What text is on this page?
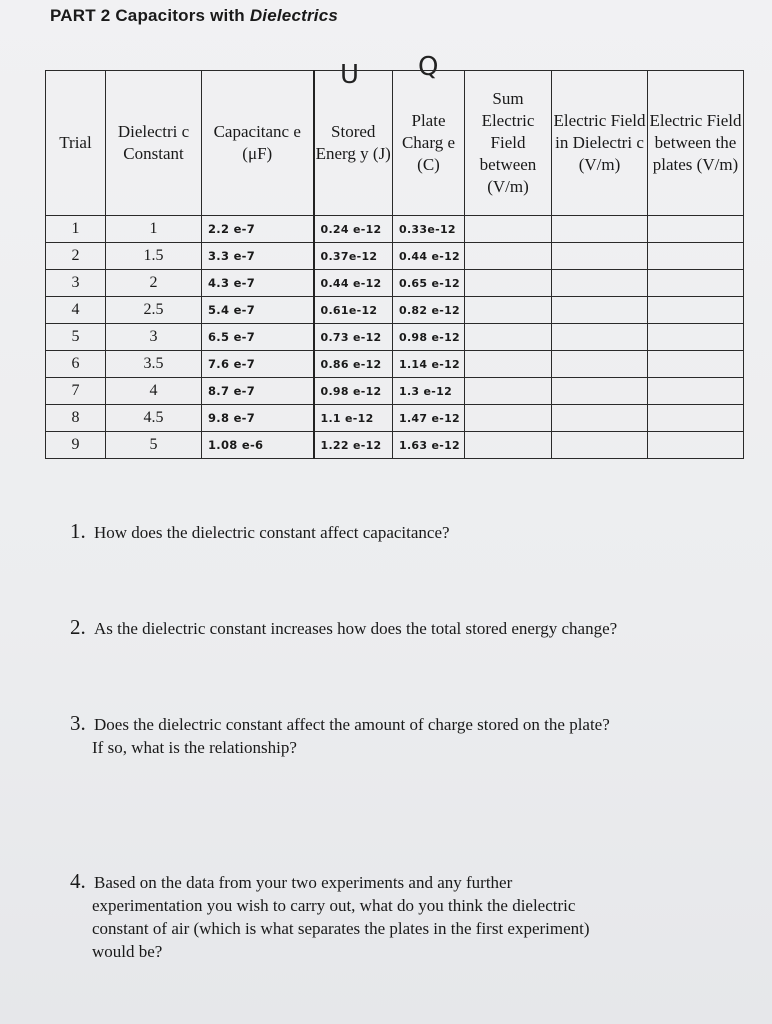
PART 2 Capacitors with Dielectrics
U Q
Trial	Dielectri c Constant	Capacitanc e (μF)	Stored Energ y (J)	Plate Charg e (C)	Sum Electric Field between (V/m)	Electric Field in Dielectri c (V/m)	Electric Field between the plates (V/m)
1	1	2.2 e-7	0.24 e-12	0.33e-12			
2	1.5	3.3 e-7	0.37e-12	0.44 e-12			
3	2	4.3 e-7	0.44 e-12	0.65 e-12			
4	2.5	5.4 e-7	0.61e-12	0.82 e-12			
5	3	6.5 e-7	0.73 e-12	0.98 e-12			
6	3.5	7.6 e-7	0.86 e-12	1.14 e-12			
7	4	8.7 e-7	0.98 e-12	1.3 e-12			
8	4.5	9.8 e-7	1.1 e-12	1.47 e-12			
9	5	1.08 e-6	1.22 e-12	1.63 e-12			
1. How does the dielectric constant affect capacitance?
2. As the dielectric constant increases how does the total stored energy change?
3. Does the dielectric constant affect the amount of charge stored on the plate?
If so, what is the relationship?
4. Based on the data from your two experiments and any further
experimentation you wish to carry out, what do you think the dielectric
constant of air (which is what separates the plates in the first experiment)
would be?
